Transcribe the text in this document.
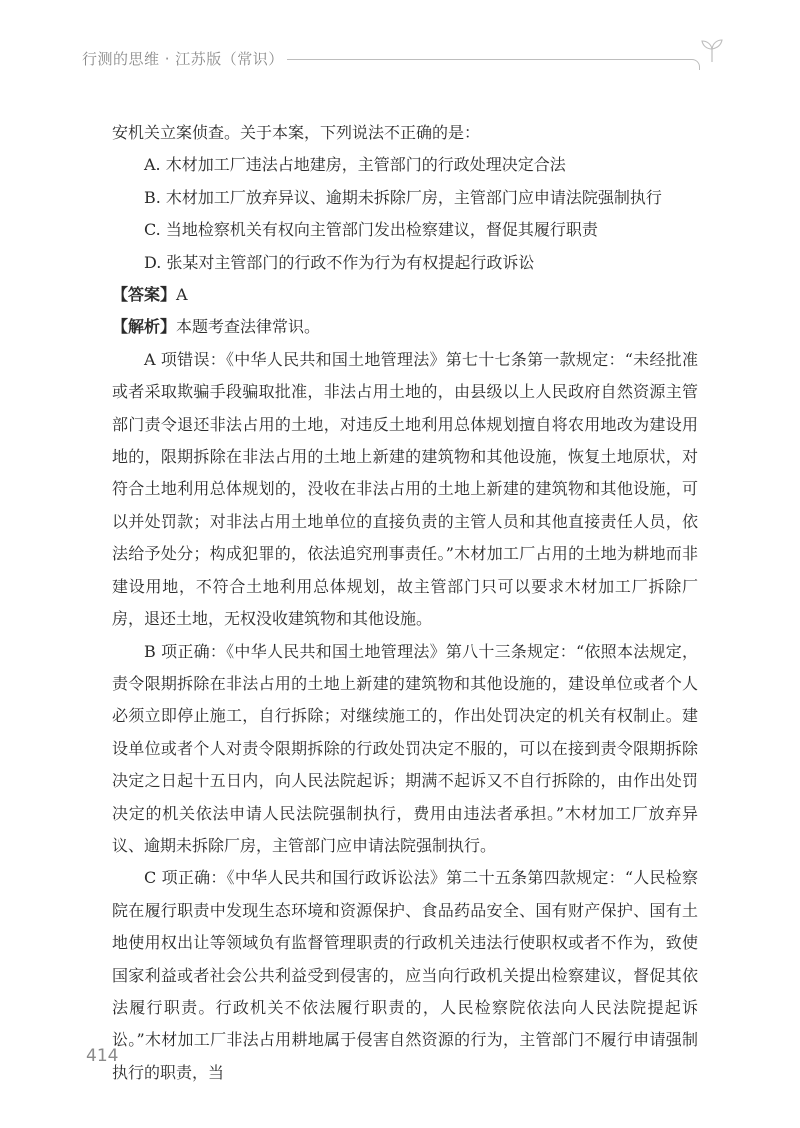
行测的思维 · 江苏版（常识）

安机关立案侦查。关于本案，下列说法不正确的是：

A. 木材加工厂违法占地建房，主管部门的行政处理决定合法

B. 木材加工厂放弃异议、逾期未拆除厂房，主管部门应申请法院强制执行

C. 当地检察机关有权向主管部门发出检察建议，督促其履行职责

D. 张某对主管部门的行政不作为行为有权提起行政诉讼

【答案】A

【解析】本题考查法律常识。

A 项错误：《中华人民共和国土地管理法》第七十七条第一款规定：“未经批准或者采取欺骗手段骗取批准，非法占用土地的，由县级以上人民政府自然资源主管部门责令退还非法占用的土地，对违反土地利用总体规划擅自将农用地改为建设用地的，限期拆除在非法占用的土地上新建的建筑物和其他设施，恢复土地原状，对符合土地利用总体规划的，没收在非法占用的土地上新建的建筑物和其他设施，可以并处罚款；对非法占用土地单位的直接负责的主管人员和其他直接责任人员，依法给予处分；构成犯罪的，依法追究刑事责任。”木材加工厂占用的土地为耕地而非建设用地，不符合土地利用总体规划，故主管部门只可以要求木材加工厂拆除厂房，退还土地，无权没收建筑物和其他设施。

B 项正确：《中华人民共和国土地管理法》第八十三条规定：“依照本法规定，责令限期拆除在非法占用的土地上新建的建筑物和其他设施的，建设单位或者个人必须立即停止施工，自行拆除；对继续施工的，作出处罚决定的机关有权制止。建设单位或者个人对责令限期拆除的行政处罚决定不服的，可以在接到责令限期拆除决定之日起十五日内，向人民法院起诉；期满不起诉又不自行拆除的，由作出处罚决定的机关依法申请人民法院强制执行，费用由违法者承担。”木材加工厂放弃异议、逾期未拆除厂房，主管部门应申请法院强制执行。

C 项正确：《中华人民共和国行政诉讼法》第二十五条第四款规定：“人民检察院在履行职责中发现生态环境和资源保护、食品药品安全、国有财产保护、国有土地使用权出让等领域负有监督管理职责的行政机关违法行使职权或者不作为，致使国家利益或者社会公共利益受到侵害的，应当向行政机关提出检察建议，督促其依法履行职责。行政机关不依法履行职责的，人民检察院依法向人民法院提起诉讼。”木材加工厂非法占用耕地属于侵害自然资源的行为，主管部门不履行申请强制执行的职责，当

414
